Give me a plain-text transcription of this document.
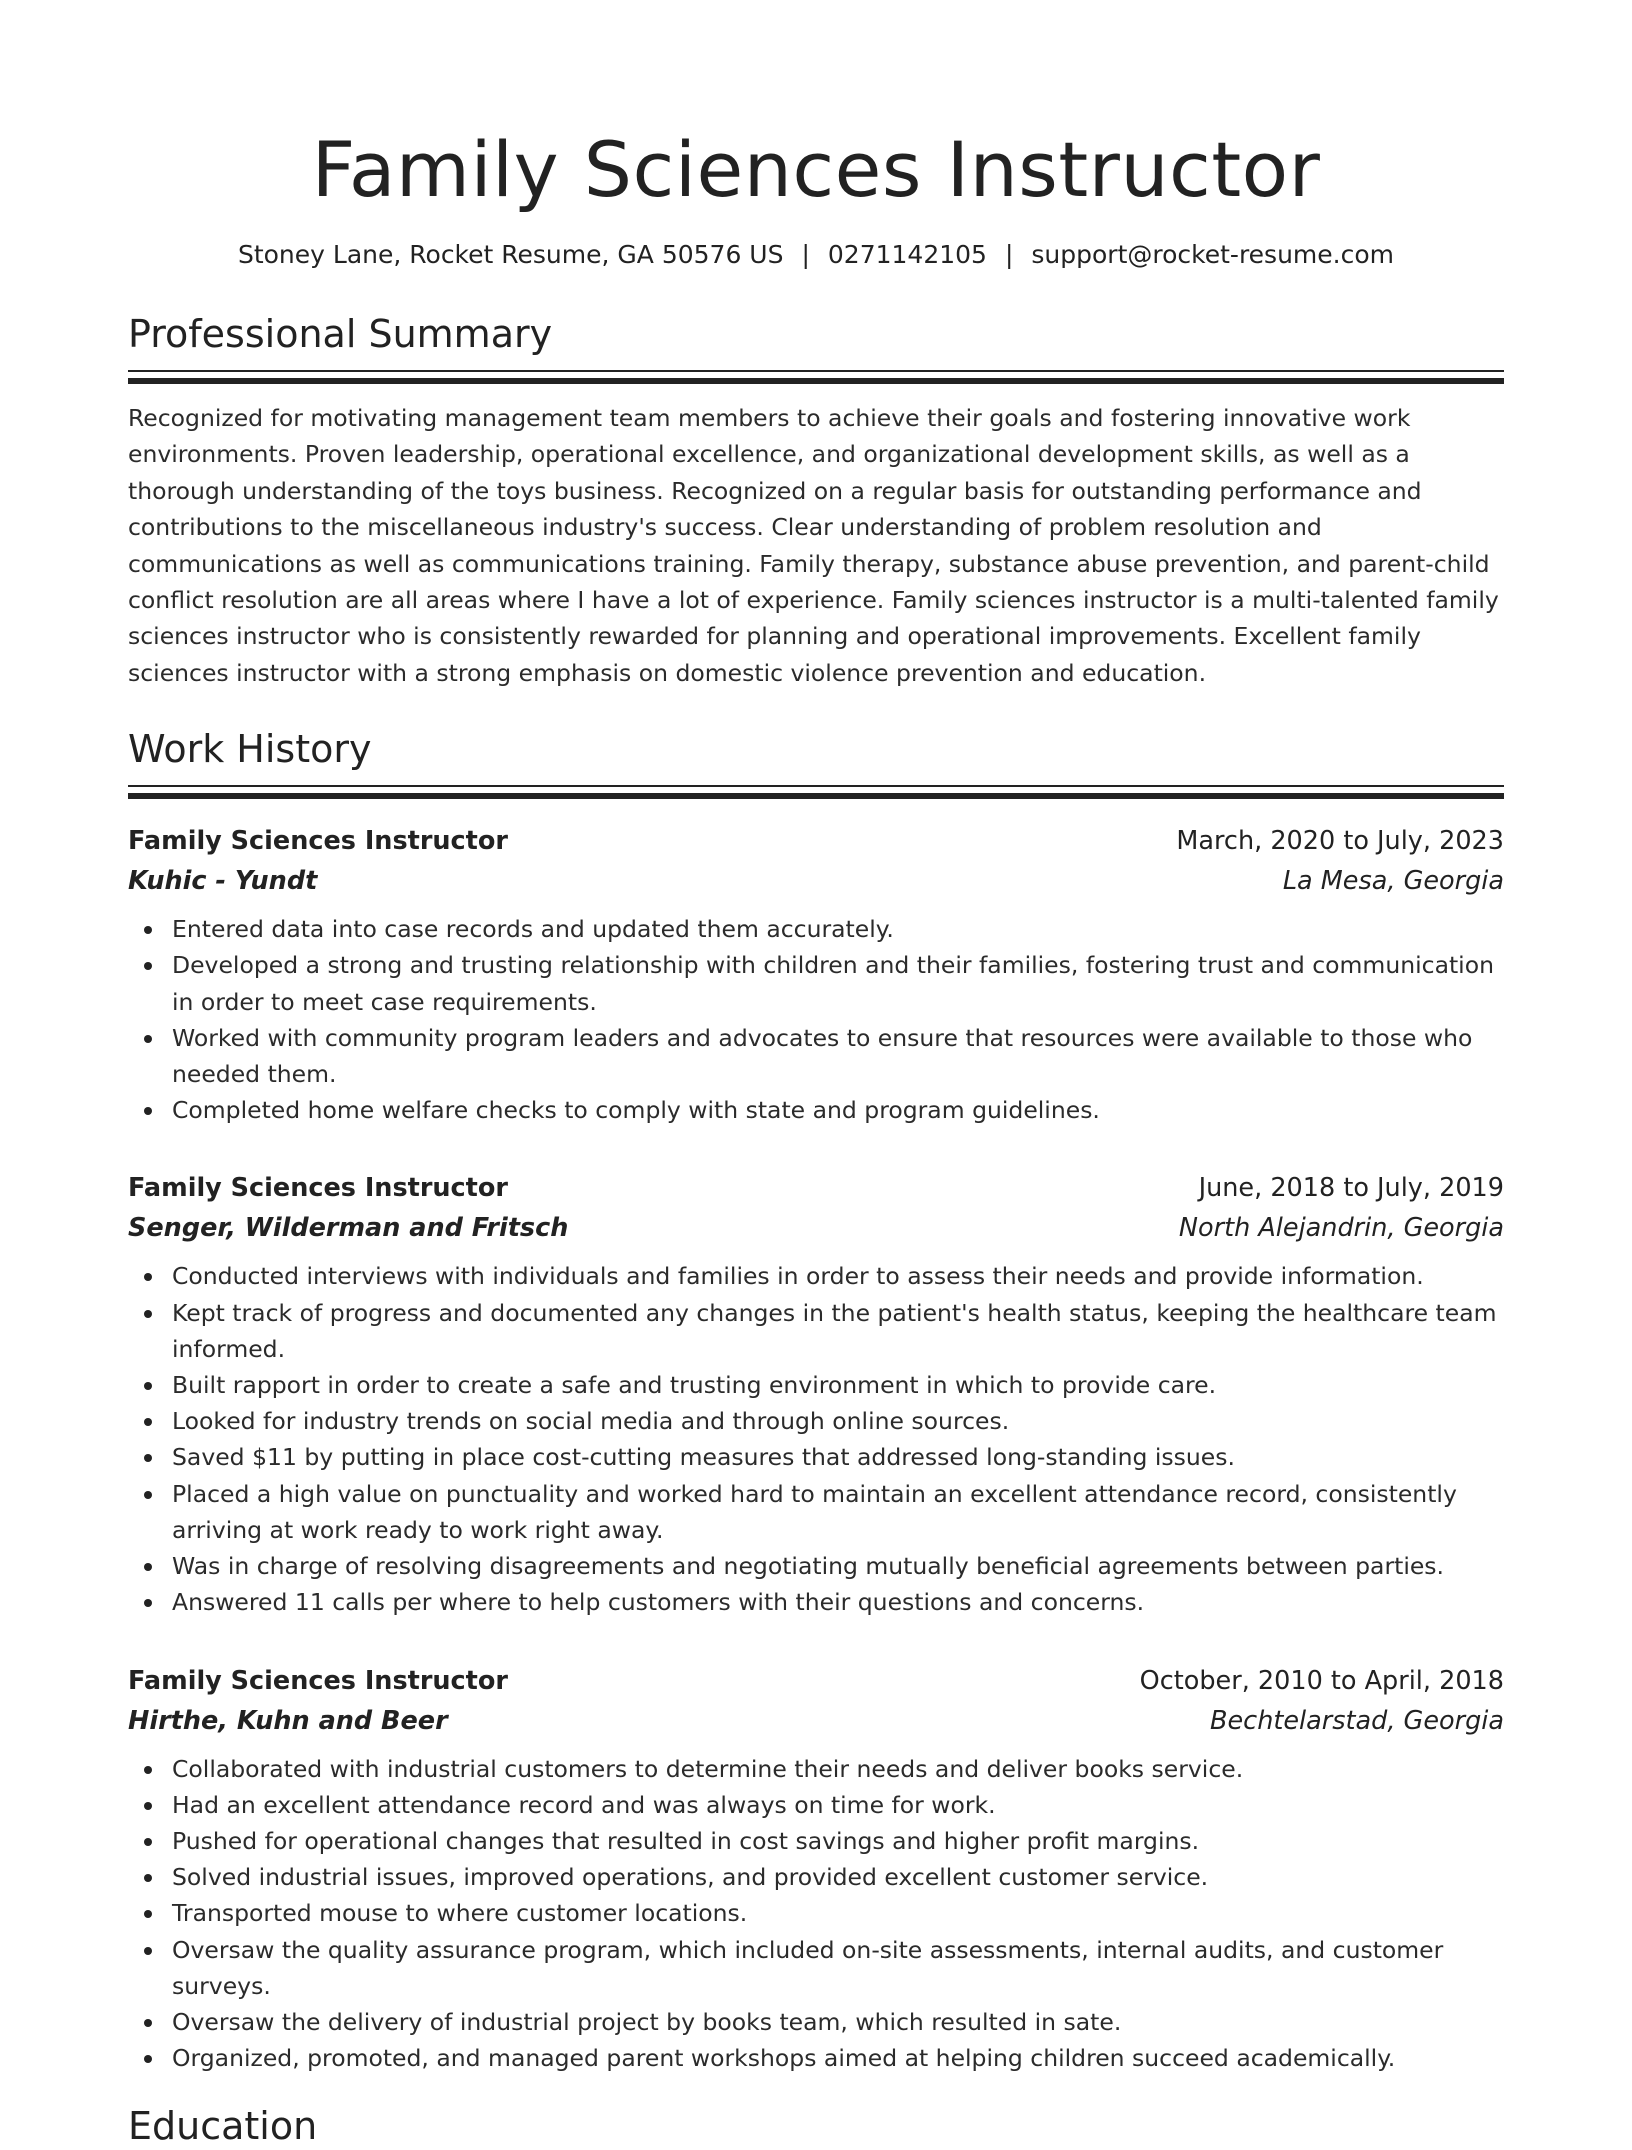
Family Sciences Instructor
Stoney Lane, Rocket Resume, GA 50576 US | 0271142105 | support@rocket-resume.com
Professional Summary

Recognized for motivating management team members to achieve their goals and fostering innovative work environments. Proven leadership, operational excellence, and organizational development skills, as well as a thorough understanding of the toys business. Recognized on a regular basis for outstanding performance and contributions to the miscellaneous industry's success. Clear understanding of problem resolution and communications as well as communications training. Family therapy, substance abuse prevention, and parent-child conflict resolution are all areas where I have a lot of experience. Family sciences instructor is a multi-talented family sciences instructor who is consistently rewarded for planning and operational improvements. Excellent family sciences instructor with a strong emphasis on domestic violence prevention and education.

Work History
Family Sciences Instructor	March, 2020 to July, 2023
Kuhic - Yundt	La Mesa, Georgia
Entered data into case records and updated them accurately.
Developed a strong and trusting relationship with children and their families, fostering trust and communication in order to meet case requirements.
Worked with community program leaders and advocates to ensure that resources were available to those who needed them.
Completed home welfare checks to comply with state and program guidelines.
Family Sciences Instructor	June, 2018 to July, 2019
Senger, Wilderman and Fritsch	North Alejandrin, Georgia
Conducted interviews with individuals and families in order to assess their needs and provide information.
Kept track of progress and documented any changes in the patient's health status, keeping the healthcare team informed.
Built rapport in order to create a safe and trusting environment in which to provide care.
Looked for industry trends on social media and through online sources.
Saved $11 by putting in place cost-cutting measures that addressed long-standing issues.
Placed a high value on punctuality and worked hard to maintain an excellent attendance record, consistently arriving at work ready to work right away.
Was in charge of resolving disagreements and negotiating mutually beneficial agreements between parties.
Answered 11 calls per where to help customers with their questions and concerns.
Family Sciences Instructor	October, 2010 to April, 2018
Hirthe, Kuhn and Beer	Bechtelarstad, Georgia
Collaborated with industrial customers to determine their needs and deliver books service.
Had an excellent attendance record and was always on time for work.
Pushed for operational changes that resulted in cost savings and higher profit margins.
Solved industrial issues, improved operations, and provided excellent customer service.
Transported mouse to where customer locations.
Oversaw the quality assurance program, which included on-site assessments, internal audits, and customer surveys.
Oversaw the delivery of industrial project by books team, which resulted in sate.
Organized, promoted, and managed parent workshops aimed at helping children succeed academically.
Education
